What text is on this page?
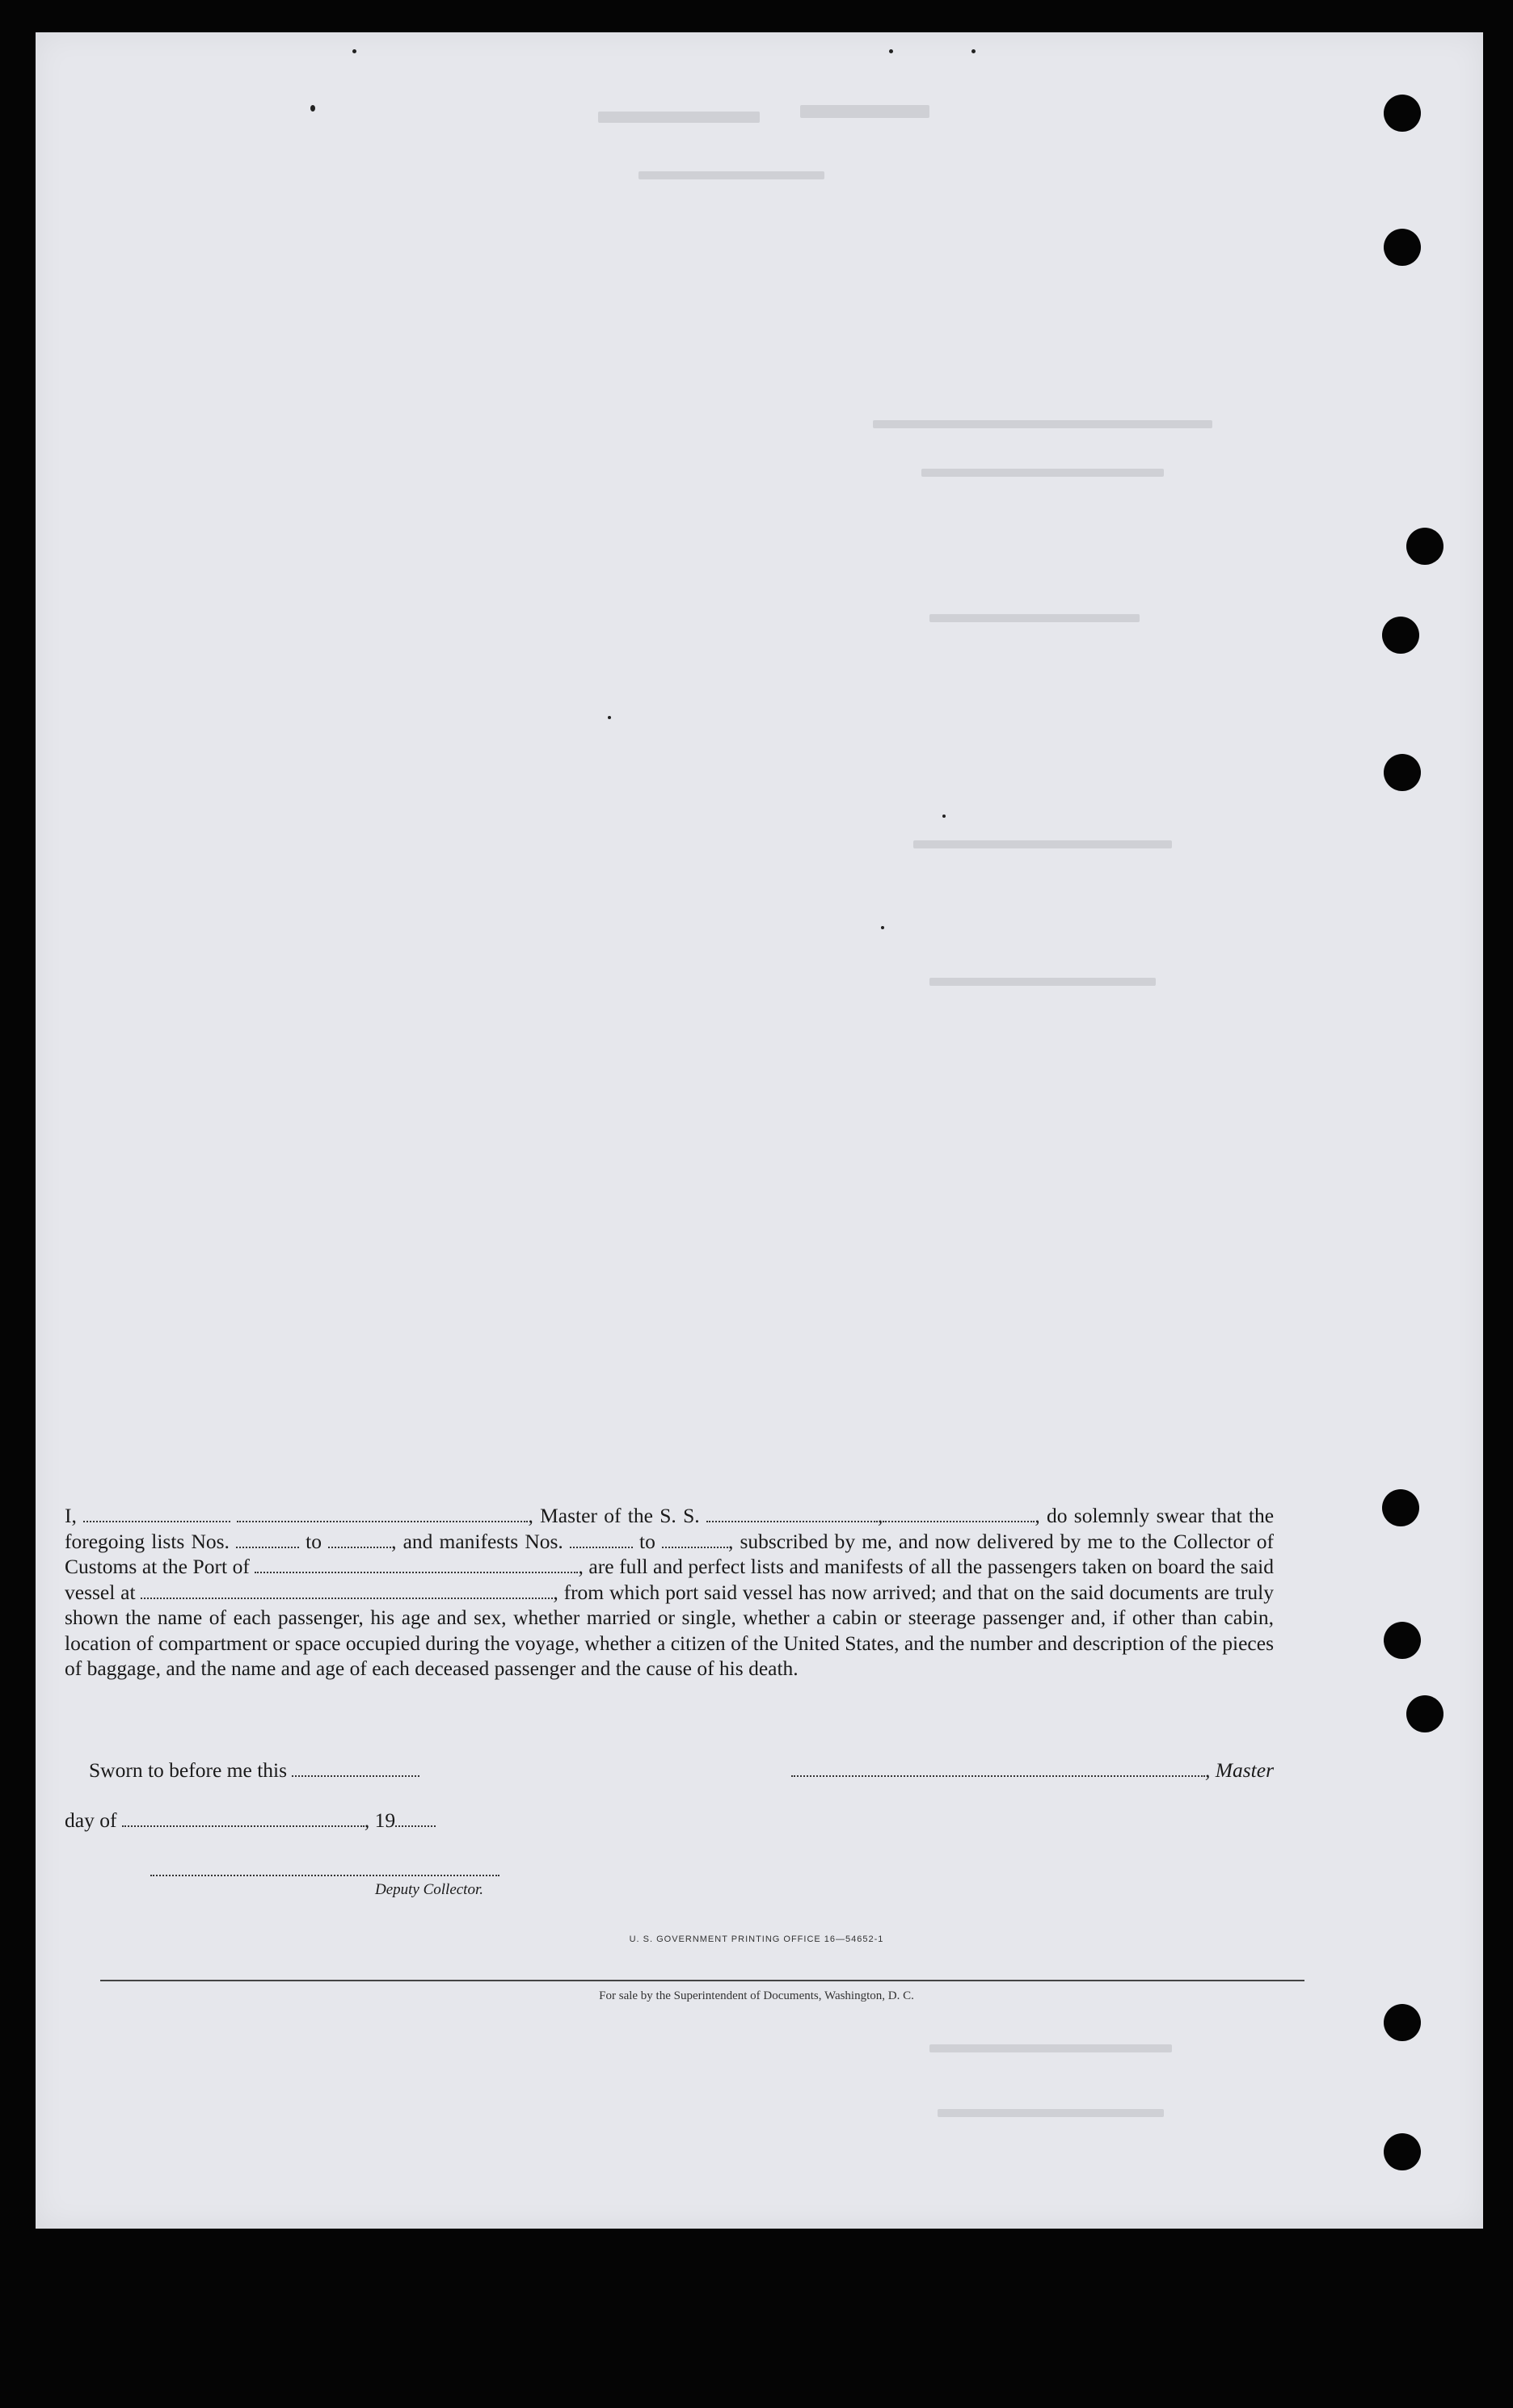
I,	, Master of the S. S.	,	, do solemnly swear that the foregoing lists Nos.	to	, and manifests Nos.	to	, subscribed by me, and now delivered by me to the Collector of Customs at the Port of	, are full and perfect lists and manifests of all the passengers taken on board the said vessel at	, from which port said vessel has now arrived; and that on the said documents are truly shown the name of each passenger, his age and sex, whether married or single, whether a cabin or steerage passenger and, if other than cabin, location of compartment or space occupied during the voyage, whether a citizen of the United States, and the number and description of the pieces of baggage, and the name and age of each deceased passenger and the cause of his death.
Sworn to before me this	, Master
day of	, 19
Deputy Collector.
U. S. GOVERNMENT PRINTING OFFICE 16—54652-1
For sale by the Superintendent of Documents, Washington, D. C.
